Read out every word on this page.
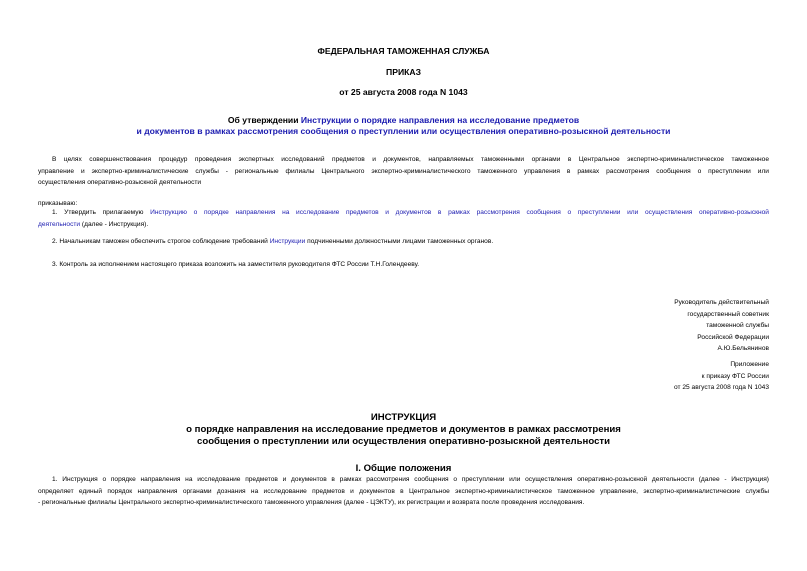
ФЕДЕРАЛЬНАЯ ТАМОЖЕННАЯ СЛУЖБА
ПРИКАЗ
от 25 августа 2008 года N 1043
Об утверждении Инструкции о порядке направления на исследование предметов
и документов в рамках рассмотрения сообщения о преступлении или осуществления оперативно-розыскной деятельности
В целях совершенствования процедур проведения экспертных исследований предметов и документов, направляемых таможенными органами в Центральное экспертно-криминалистическое таможенное
управление и экспертно-криминалистические службы - региональные филиалы Центрального экспертно-криминалистического таможенного управления в рамках рассмотрения сообщения о преступлении или
осуществления оперативно-розыскной деятельности
приказываю:
1. Утвердить прилагаемую Инструкцию о порядке направления на исследование предметов и документов в рамках рассмотрения сообщения о преступлении или осуществления оперативно-розыскной
деятельности (далее - Инструкция).
2. Начальникам таможен обеспечить строгое соблюдение требований Инструкции подчиненными должностными лицами таможенных органов.
3. Контроль за исполнением настоящего приказа возложить на заместителя руководителя ФТС России Т.Н.Голендееву.
Руководитель действительный
государственный советник
таможенной службы
Российской Федерации
А.Ю.Бельянинов
Приложение
к приказу ФТС России
от 25 августа 2008 года N 1043
ИНСТРУКЦИЯ
о порядке направления на исследование предметов и документов в рамках рассмотрения
сообщения о преступлении или осуществления оперативно-розыскной деятельности
I. Общие положения
1. Инструкция о порядке направления на исследование предметов и документов в рамках рассмотрения сообщения о преступлении или осуществления оперативно-розыскной деятельности (далее - Инструкция)
определяет единый порядок направления органами дознания на исследование предметов и документов в Центральное экспертно-криминалистическое таможенное управление, экспертно-криминалистические службы
- региональные филиалы Центрального экспертно-криминалистического таможенного управления (далее - ЦЭКТУ), их регистрации и возврата после проведения исследования.
